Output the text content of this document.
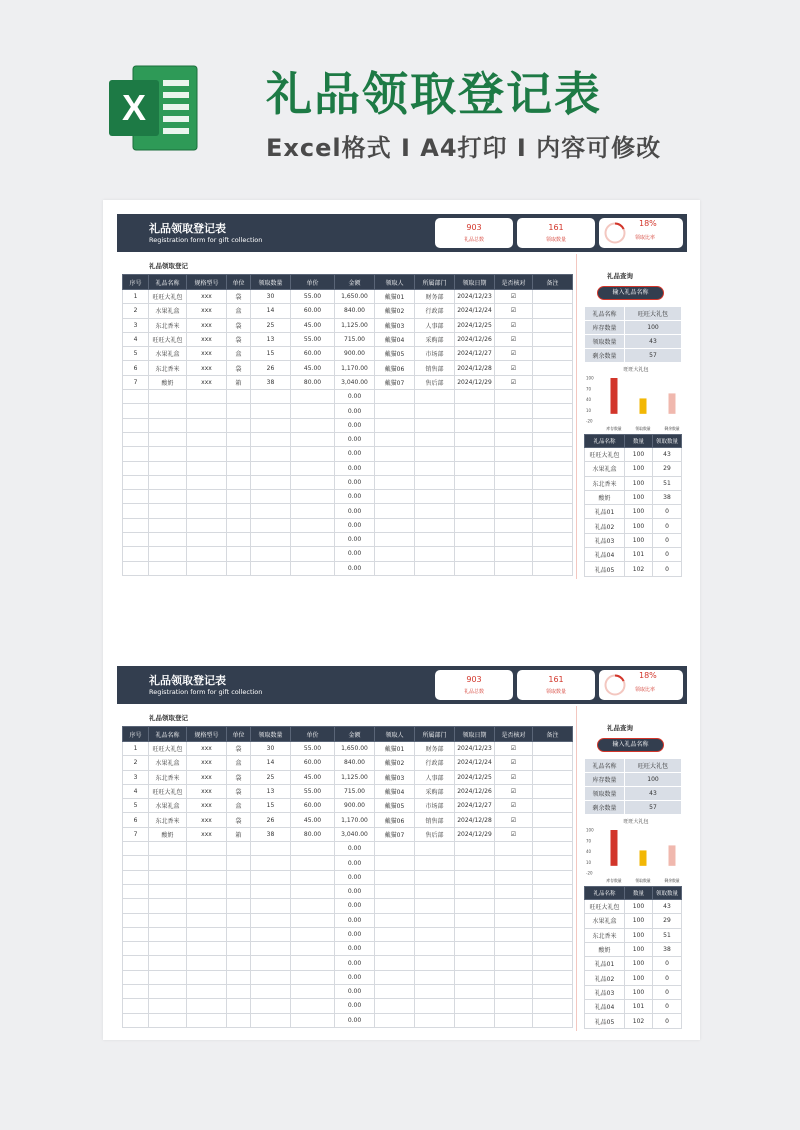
X	礼品领取登记表
Excel格式 I A4打印 I 内容可修改
礼品领取登记表
Registration form for gift collection
903
礼品总数
161
领取数量
18%
领取比率
礼品领取登记
序号	礼品名称	规格型号	单位	领取数量	单价	金额	领取人	所属部门	领取日期	是否核对	备注
1	旺旺大礼包	xxx	袋	30	55.00	1,650.00	戴猫01	财务部	2024/12/23	☑	
2	水果礼盒	xxx	盒	14	60.00	840.00	戴猫02	行政部	2024/12/24	☑	
3	东北香米	xxx	袋	25	45.00	1,125.00	戴猫03	人事部	2024/12/25	☑	
4	旺旺大礼包	xxx	袋	13	55.00	715.00	戴猫04	采购部	2024/12/26	☑	
5	水果礼盒	xxx	盒	15	60.00	900.00	戴猫05	市场部	2024/12/27	☑	
6	东北香米	xxx	袋	26	45.00	1,170.00	戴猫06	销售部	2024/12/28	☑	
7	酸奶	xxx	箱	38	80.00	3,040.00	戴猫07	售后部	2024/12/29	☑	
						0.00					
						0.00					
						0.00					
						0.00					
						0.00					
						0.00					
						0.00					
						0.00					
						0.00					
						0.00					
						0.00					
						0.00					
						0.00					
礼品查询
输入礼品名称
礼品名称	旺旺大礼包
库存数量	100
领取数量	43
剩余数量	57
旺旺大礼包
100
70
40
10
-20
库存数量	领取数量	剩余数量
礼品名称	数量	领取数量
旺旺大礼包	100	43
水果礼盒	100	29
东北香米	100	51
酸奶	100	38
礼品01	100	0
礼品02	100	0
礼品03	100	0
礼品04	101	0
礼品05	102	0
礼品领取登记表
Registration form for gift collection
903
礼品总数
161
领取数量
18%
领取比率
礼品领取登记
序号	礼品名称	规格型号	单位	领取数量	单价	金额	领取人	所属部门	领取日期	是否核对	备注
1	旺旺大礼包	xxx	袋	30	55.00	1,650.00	戴猫01	财务部	2024/12/23	☑	
2	水果礼盒	xxx	盒	14	60.00	840.00	戴猫02	行政部	2024/12/24	☑	
3	东北香米	xxx	袋	25	45.00	1,125.00	戴猫03	人事部	2024/12/25	☑	
4	旺旺大礼包	xxx	袋	13	55.00	715.00	戴猫04	采购部	2024/12/26	☑	
5	水果礼盒	xxx	盒	15	60.00	900.00	戴猫05	市场部	2024/12/27	☑	
6	东北香米	xxx	袋	26	45.00	1,170.00	戴猫06	销售部	2024/12/28	☑	
7	酸奶	xxx	箱	38	80.00	3,040.00	戴猫07	售后部	2024/12/29	☑	
						0.00					
						0.00					
						0.00					
						0.00					
						0.00					
						0.00					
						0.00					
						0.00					
						0.00					
						0.00					
						0.00					
						0.00					
						0.00					
礼品查询
输入礼品名称
礼品名称	旺旺大礼包
库存数量	100
领取数量	43
剩余数量	57
旺旺大礼包
100
70
40
10
-20
库存数量	领取数量	剩余数量
礼品名称	数量	领取数量
旺旺大礼包	100	43
水果礼盒	100	29
东北香米	100	51
酸奶	100	38
礼品01	100	0
礼品02	100	0
礼品03	100	0
礼品04	101	0
礼品05	102	0
